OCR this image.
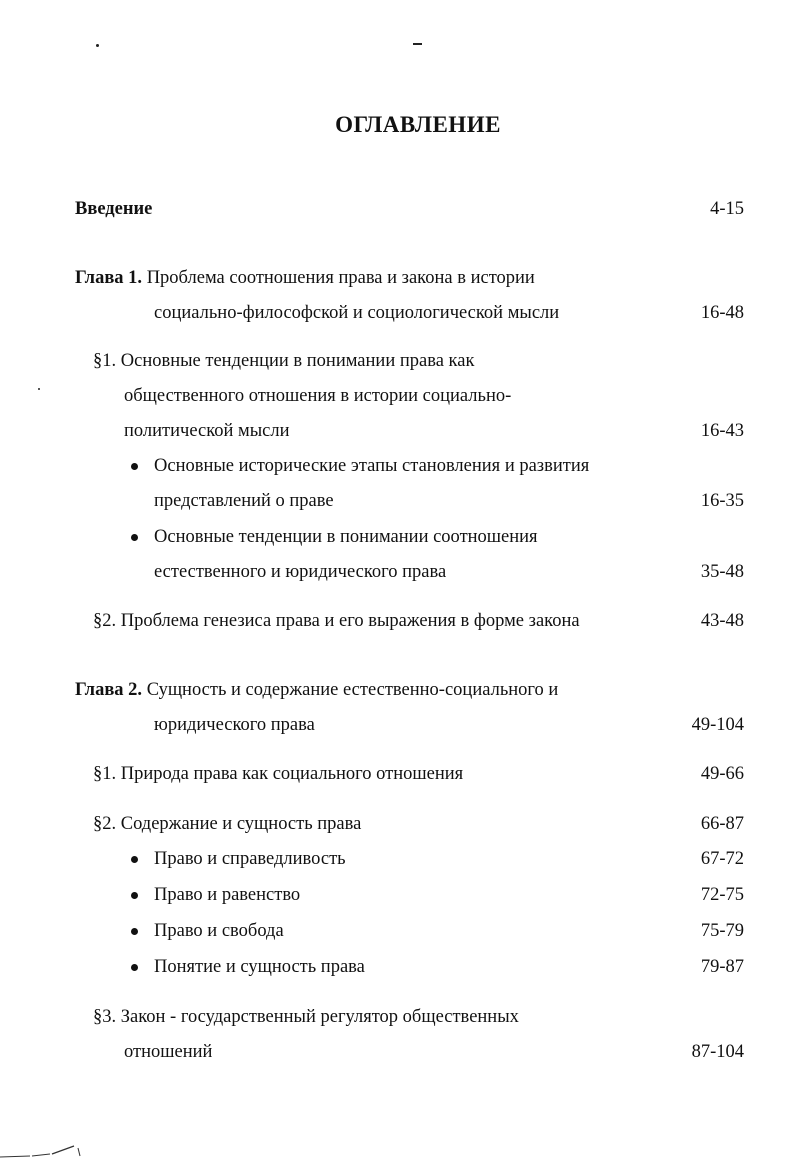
ОГЛАВЛЕНИЕ
Введение	4-15
Глава 1. Проблема соотношения права и закона в истории
социально-философской и социологической мысли	16-48
§1. Основные тенденции в понимании права как
общественного отношения в истории социально-
политической мысли	16-43
Основные исторические этапы становления и развития
представлений о праве	16-35
Основные тенденции в понимании соотношения
естественного и юридического права	35-48
§2. Проблема генезиса права и его выражения в форме закона	43-48
Глава 2. Сущность и содержание естественно-социального и
юридического права	49-104
§1. Природа права как социального отношения	49-66
§2. Содержание и сущность права	66-87
Право и справедливость	67-72
Право и равенство	72-75
Право и свобода	75-79
Понятие и сущность права	79-87
§3. Закон - государственный регулятор общественных
отношений	87-104
